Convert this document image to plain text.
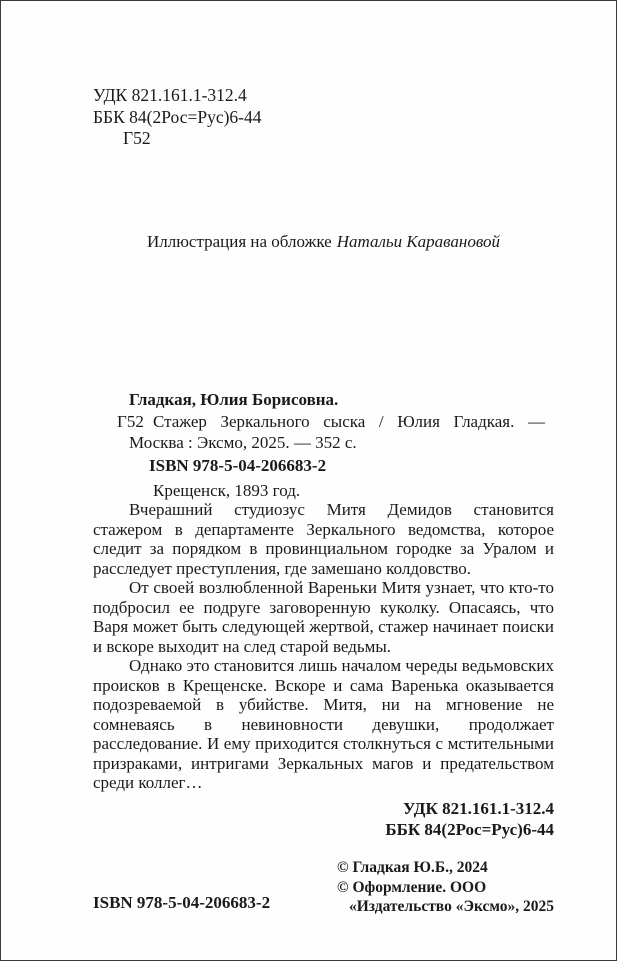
УДК 821.161.1-312.4
ББК 84(2Рос=Рус)6-44
Г52
Иллюстрация на обложке Натальи Каравановой
Гладкая, Юлия Борисовна.
Г52 Стажер Зеркального сыска / Юлия Гладкая. — Москва : Эксмо, 2025. — 352 с.
ISBN 978-5-04-206683-2
Крещенск, 1893 год.

Вчерашний студиозус Митя Демидов становится стажером в департаменте Зеркального ведомства, которое следит за порядком в провинциальном городке за Уралом и расследует преступления, где замешано колдовство.

От своей возлюбленной Вареньки Митя узнает, что кто-то подбросил ее подруге заговоренную куколку. Опасаясь, что Варя может быть следующей жертвой, стажер начинает поиски и вскоре выходит на след старой ведьмы.

Однако это становится лишь началом череды ведьмовских происков в Крещенске. Вскоре и сама Варенька оказывается подозреваемой в убийстве. Митя, ни на мгновение не сомневаясь в невиновности девушки, продолжает расследование. И ему приходится столкнуться с мстительными призраками, интригами Зеркальных магов и предательством среди коллег…

УДК 821.161.1-312.4
ББК 84(2Рос=Рус)6-44
ISBN 978-5-04-206683-2
© Гладкая Ю.Б., 2024
© Оформление. ООО
«Издательство «Эксмо», 2025
